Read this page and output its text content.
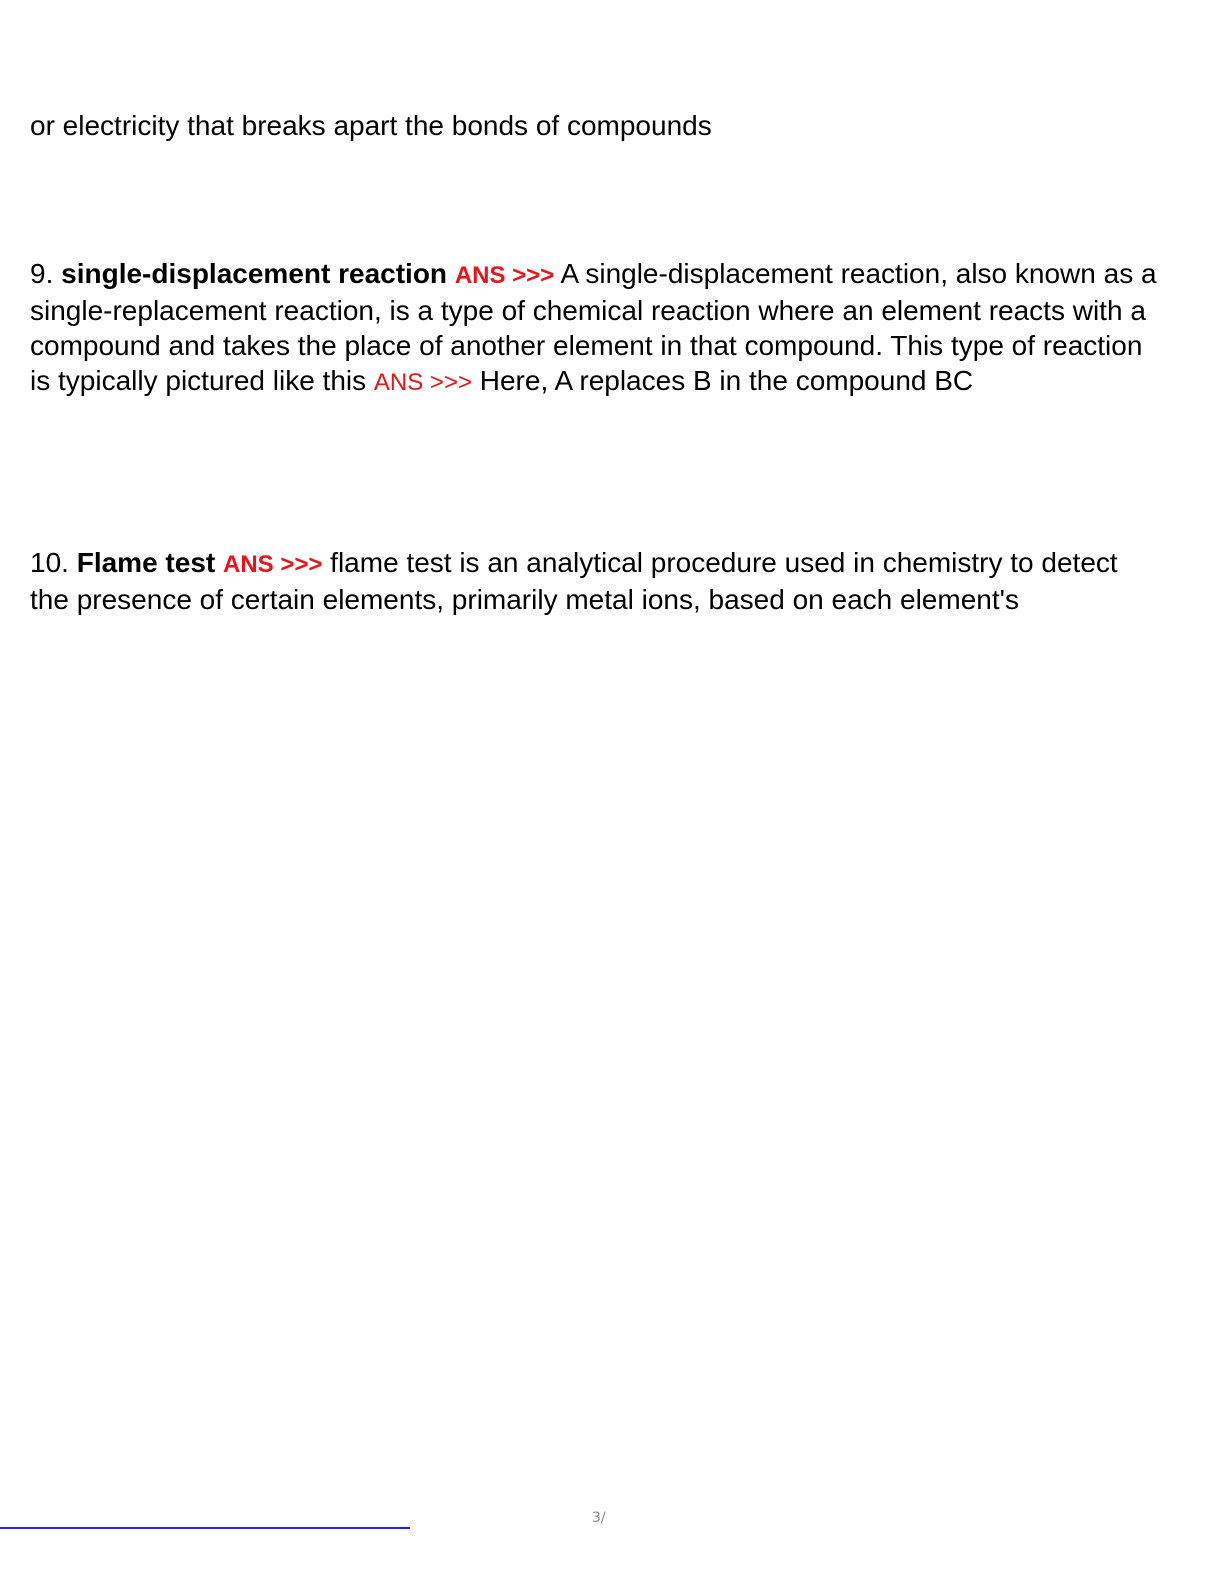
or electricity that breaks apart the bonds of compounds

9. single-displacement reaction ANS >>> A single-displacement reaction, also known as a single-replacement reaction, is a type of chemical reaction where an element reacts with a compound and takes the place of another element in that compound. This type of reaction is typically pictured like this ANS >>> Here, A replaces B in the compound BC

10. Flame test ANS >>> flame test is an analytical procedure used in chemistry to detect the presence of certain elements, primarily metal ions, based on each element's

3/
